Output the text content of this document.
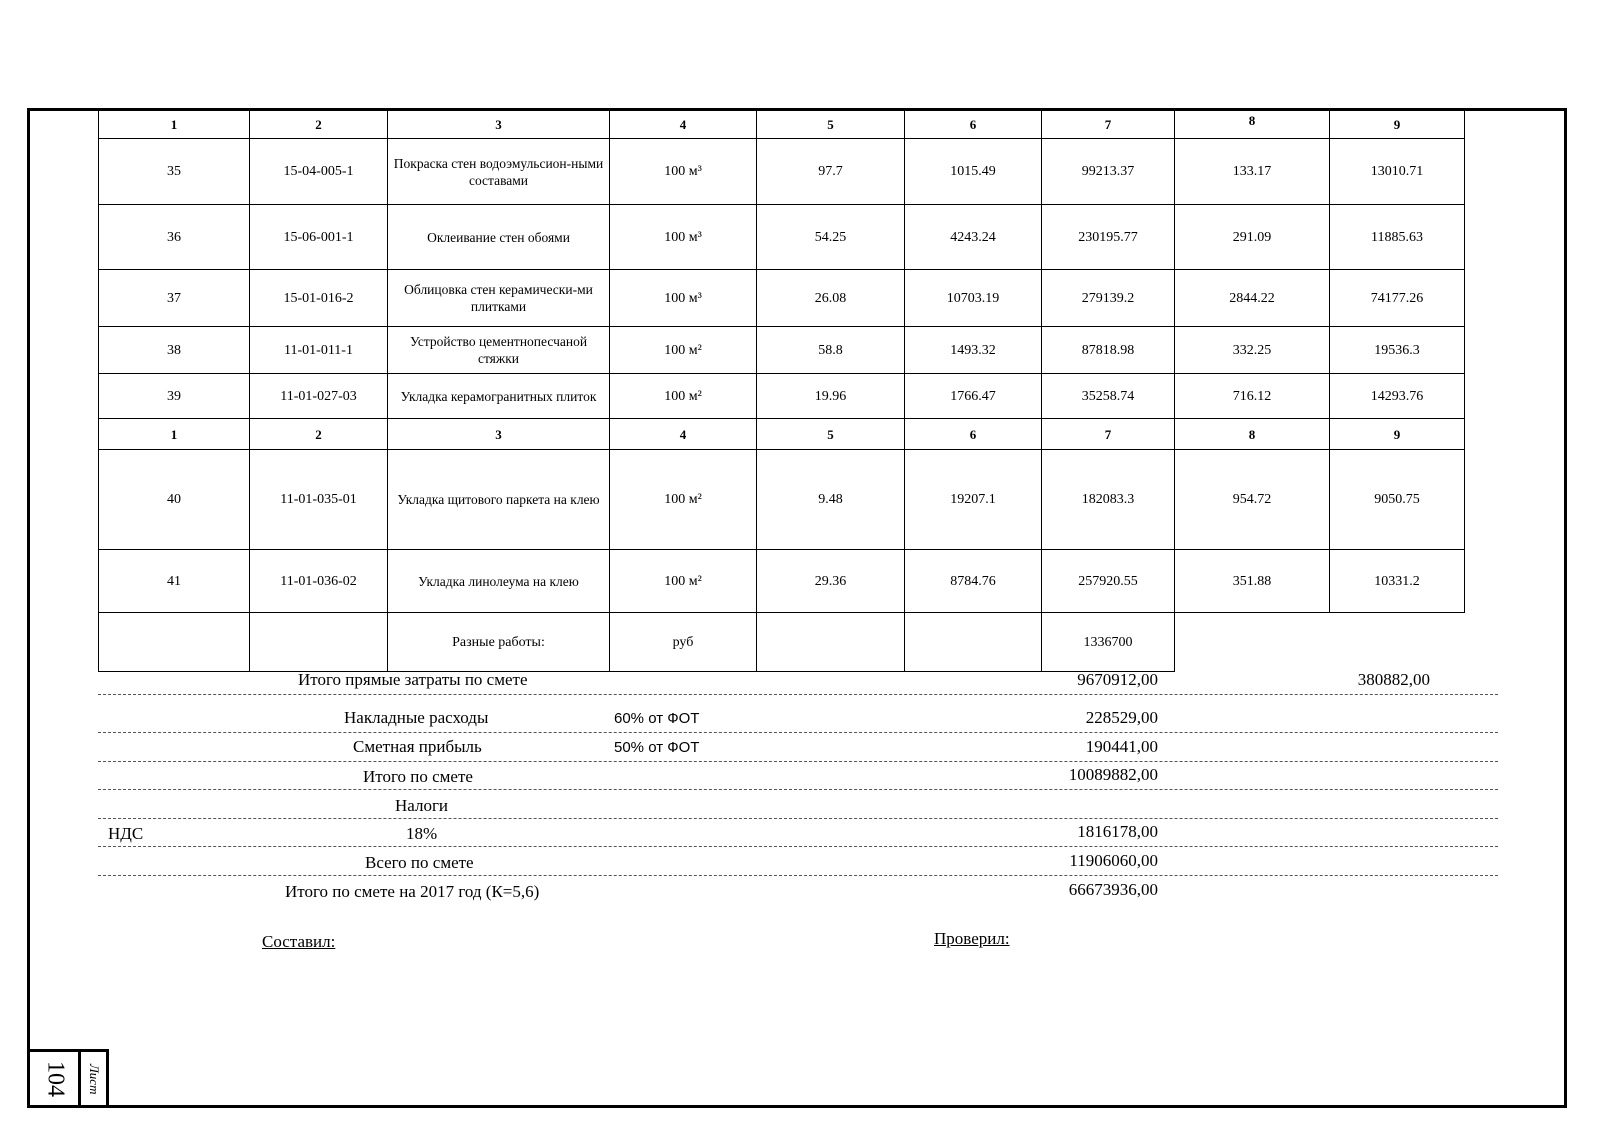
1	2	3	4	5	6	7	8	9
35	15-04-005-1	Покраска стен водоэмульсион-ными составами	100 м³	97.7	1015.49	99213.37	133.17	13010.71
36	15-06-001-1	Оклеивание стен обоями	100 м³	54.25	4243.24	230195.77	291.09	11885.63
37	15-01-016-2	Облицовка стен керамически-ми плитками	100 м³	26.08	10703.19	279139.2	2844.22	74177.26
38	11-01-011-1	Устройство цементнопесчаной стяжки	100 м²	58.8	1493.32	87818.98	332.25	19536.3
39	11-01-027-03	Укладка керамогранитных плиток	100 м²	19.96	1766.47	35258.74	716.12	14293.76
1	2	3	4	5	6	7	8	9
40	11-01-035-01	Укладка щитового паркета на клею	100 м²	9.48	19207.1	182083.3	954.72	9050.75
41	11-01-036-02	Укладка линолеума на клею	100 м²	29.36	8784.76	257920.55	351.88	10331.2
		Разные работы:	руб			1336700		
Итого прямые затраты по смете	9670912,00	380882,00
Накладные расходы	60% от ФОТ	228529,00
Сметная прибыль	50% от ФОТ	190441,00
Итого по смете	10089882,00
Налоги
НДС	18%	1816178,00
Всего по смете	11906060,00
Итого по смете на 2017 год (К=5,6)	66673936,00
Составил:	Проверил:
104	Лист
